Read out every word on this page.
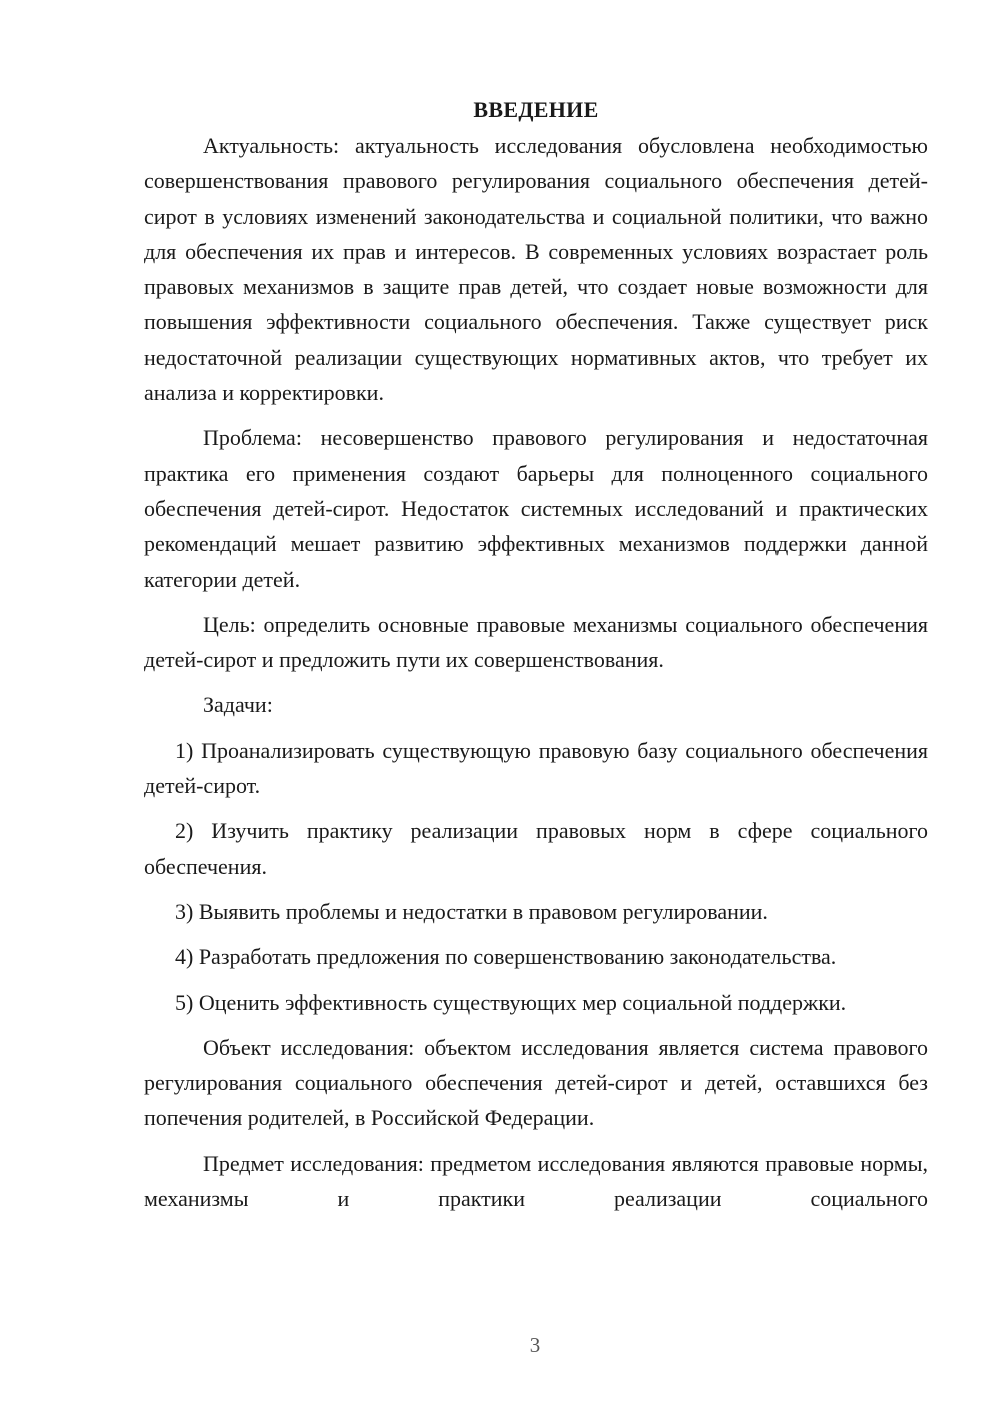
ВВЕДЕНИЕ

Актуальность: актуальность исследования обусловлена необходимостью совершенствования правового регулирования социального обеспечения детей-сирот в условиях изменений законодательства и социальной политики, что важно для обеспечения их прав и интересов. В современных условиях возрастает роль правовых механизмов в защите прав детей, что создает новые возможности для повышения эффективности социального обеспечения. Также существует риск недостаточной реализации существующих нормативных актов, что требует их анализа и корректировки.

Проблема: несовершенство правового регулирования и недостаточная практика его применения создают барьеры для полноценного социального обеспечения детей-сирот. Недостаток системных исследований и практических рекомендаций мешает развитию эффективных механизмов поддержки данной категории детей.

Цель: определить основные правовые механизмы социального обеспечения детей-сирот и предложить пути их совершенствования.

Задачи:

1) Проанализировать существующую правовую базу социального обеспечения детей-сирот.

2) Изучить практику реализации правовых норм в сфере социального обеспечения.

3) Выявить проблемы и недостатки в правовом регулировании.

4) Разработать предложения по совершенствованию законодательства.

5) Оценить эффективность существующих мер социальной поддержки.

Объект исследования: объектом исследования является система правового регулирования социального обеспечения детей-сирот и детей, оставшихся без попечения родителей, в Российской Федерации.

Предмет исследования: предметом исследования являются правовые нормы, механизмы и практики реализации социального

3
